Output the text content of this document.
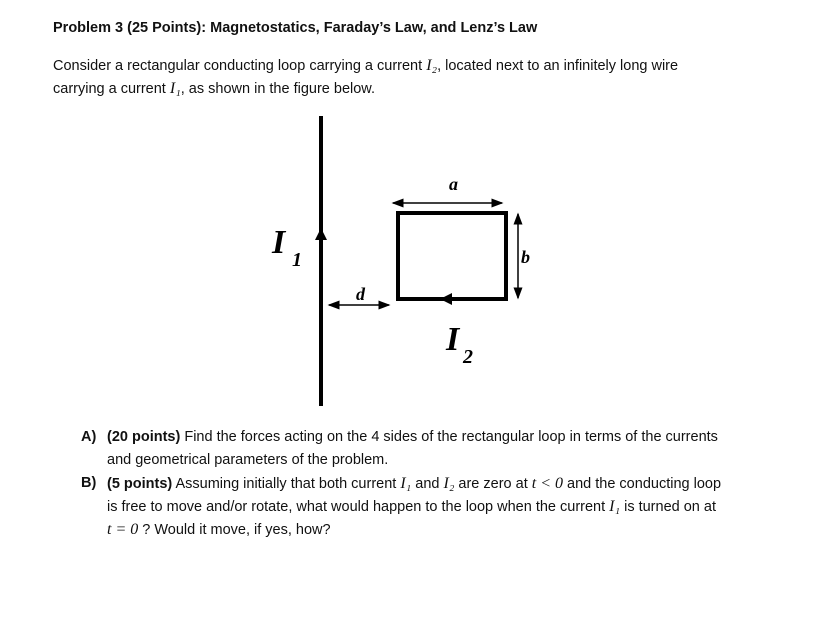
Problem 3 (25 Points): Magnetostatics, Faraday’s Law, and Lenz’s Law
Consider a rectangular conducting loop carrying a current I₂, located next to an infinitely long wire
carrying a current I₁, as shown in the figure below.
a
b
d
I 1
I 2
A) (20 points) Find the forces acting on the 4 sides of the rectangular loop in terms of the currents
and geometrical parameters of the problem.
B) (5 points) Assuming initially that both current I₁ and I₂ are zero at t < 0 and the conducting loop
is free to move and/or rotate, what would happen to the loop when the current I₁ is turned on at
t = 0 ? Would it move, if yes, how?
